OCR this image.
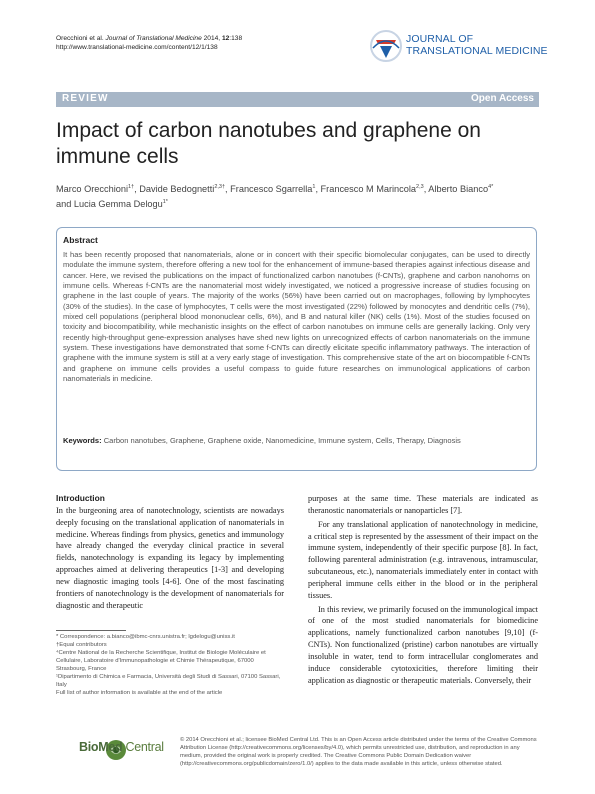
Orecchioni et al. Journal of Translational Medicine 2014, 12:138
http://www.translational-medicine.com/content/12/1/138
JOURNAL OF
TRANSLATIONAL MEDICINE
REVIEW	Open Access
Impact of carbon nanotubes and graphene on immune cells
Marco Orecchioni$^{1\dagger}$, Davide Bedognetti$^{2,3\dagger}$, Francesco Sgarrella$^1$, Francesco M Marincola$^{2,3}$, Alberto Bianco$^{4*}$
and Lucia Gemma Delogu$^{1*}$
Abstract
It has been recently proposed that nanomaterials, alone or in concert with their specific biomolecular conjugates, can be used to directly modulate the immune system, therefore offering a new tool for the enhancement of immune-based therapies against infectious disease and cancer. Here, we revised the publications on the impact of functionalized carbon nanotubes (f-CNTs), graphene and carbon nanohorns on immune cells. Whereas f-CNTs are the nanomaterial most widely investigated, we noticed a progressive increase of studies focusing on graphene in the last couple of years. The majority of the works (56%) have been carried out on macrophages, following by lymphocytes (30% of the studies). In the case of lymphocytes, T cells were the most investigated (22%) followed by monocytes and dendritic cells (7%), mixed cell populations (peripheral blood mononuclear cells, 6%), and B and natural killer (NK) cells (1%). Most of the studies focused on toxicity and biocompatibility, while mechanistic insights on the effect of carbon nanotubes on immune cells are generally lacking. Only very recently high-throughput gene-expression analyses have shed new lights on unrecognized effects of carbon nanomaterials on the immune system. These investigations have demonstrated that some f-CNTs can directly elicitate specific inflammatory pathways. The interaction of graphene with the immune system is still at a very early stage of investigation. This comprehensive state of the art on biocompatible f-CNTs and graphene on immune cells provides a useful compass to guide future researches on immunological applications of carbon nanomaterials in medicine.
Keywords: Carbon nanotubes, Graphene, Graphene oxide, Nanomedicine, Immune system, Cells, Therapy, Diagnosis
Introduction

In the burgeoning area of nanotechnology, scientists are nowadays deeply focusing on the translational application of nanomaterials in medicine. Whereas findings from physics, genetics and immunology have already changed the everyday clinical practice in several fields, nanotechnology is expanding its legacy by implementing approaches aimed at delivering therapeutics [1-3] and developing new diagnostic imaging tools [4-6]. One of the most fascinating frontiers of nanotechnology is the development of nanomaterials for diagnostic and therapeutic

purposes at the same time. These materials are indicated as theranostic nanomaterials or nanoparticles [7].

For any translational application of nanotechnology in medicine, a critical step is represented by the assessment of their impact on the immune system, independently of their specific purpose [8]. In fact, following parenteral administration (e.g. intravenous, intramuscular, subcutaneous, etc.), nanomaterials immediately enter in contact with peripheral immune cells either in the blood or in the peripheral tissues.

In this review, we primarily focused on the immunological impact of one of the most studied nanomaterials for biomedicine applications, namely functionalized carbon nanotubes [9,10] (f-CNTs). Non functionalized (pristine) carbon nanotubes are virtually insoluble in water, tend to form intracellular conglomerates and induce considerable cytotoxicities, therefore limiting their application as diagnostic or therapeutic materials. Conversely, their

* Correspondence: a.bianco@ibmc-cnrs.unistra.fr; lgdelogu@uniss.it
†Equal contributors
⁴Centre National de la Recherche Scientifique, Institut de Biologie Moléculaire et Cellulaire, Laboratoire d'Immunopathologie et Chimie Thérapeutique, 67000 Strasbourg, France
¹Dipartimento di Chimica e Farmacia, Università degli Studi di Sassari, 07100 Sassari, Italy
Full list of author information is available at the end of the article
BioMed Central	© 2014 Orecchioni et al.; licensee BioMed Central Ltd. This is an Open Access article distributed under the terms of the Creative Commons Attribution License (http://creativecommons.org/licenses/by/4.0), which permits unrestricted use, distribution, and reproduction in any medium, provided the original work is properly credited. The Creative Commons Public Domain Dedication waiver (http://creativecommons.org/publicdomain/zero/1.0/) applies to the data made available in this article, unless otherwise stated.
